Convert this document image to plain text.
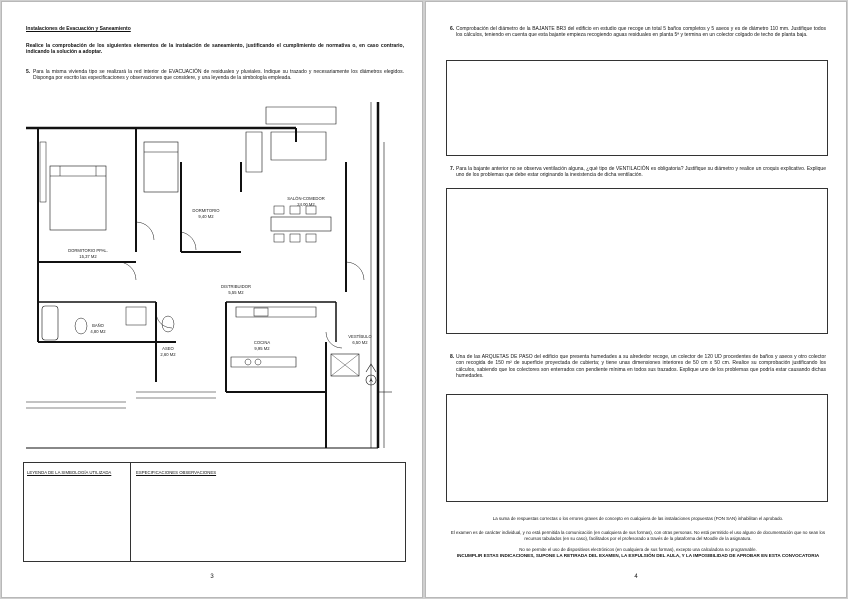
Instalaciones de Evacuación y Saneamiento
Realice la comprobación de los siguientes elementos de la instalación de saneamiento, justificando el cumplimiento de normativa o, en caso contrario, indicando la solución a adoptar.
5. Para la misma vivienda tipo se realizará la red interior de EVACUACIÓN de residuales y pluviales. Indique su trazado y necesariamente los diámetros elegidos. Disponga por escrito las especificaciones y observaciones que considere, y una leyenda de la simbología empleada.
DORMITORIO PPAL.
15,37 M2
DORMITORIO
9,40 M2
SALÓN-COMEDOR
24,00 M2
DISTRIBUIDOR
5,55 M2
BAÑO
4,80 M2
ASEO
2,60 M2
COCINA
9,95 M2
VESTÍBULO
6,50 M2
A
LEYENDA DE LA SIMBOLOGÍA UTILIZADA	ESPECIFICACIONES OBSERVACIONES
3
6. Comprobación del diámetro de la BAJANTE BR3 del edificio en estudio que recoge un total 5 baños completos y 5 aseos y es de diámetro 110 mm. Justifique todos los cálculos, teniendo en cuenta que esta bajante empieza recogiendo aguas residuales en planta 5ª y termina en un colector colgado de techo de planta baja.
7. Para la bajante anterior no se observa ventilación alguna, ¿qué tipo de VENTILACIÓN es obligatoria? Justifique su diámetro y realice un croquis explicativo. Explique uno de los problemas que debe estar originando la inexistencia de dicha ventilación.
8. Una de las ARQUETAS DE PASO del edificio que presenta humedades a su alrededor recoge, un colector de 120 UD procedentes de baños y aseos y otro colector con recogida de 150 m² de superficie proyectada de cubierta; y tiene unas dimensiones interiores de 50 cm x 50 cm. Realice su comprobación justificando los cálculos, sabiendo que los colectores son enterrados con pendiente mínima en todos sus trazados. Explique uno de los problemas que podría estar causando dichas humedades.
La suma de respuestas correctas o los errores graves de concepto en cualquiera de las instalaciones propuestas (FON SAN) inhabilitan el aprobado.
El examen es de carácter individual, y no está permitida la comunicación (en cualquiera de sus formas), con otras personas. No está permitido el uso alguno de documentación que no sean los recursos tabulados (en su caso), facilitados por el profesorado a través de la plataforma del Moodle de la asignatura.
No se permite el uso de dispositivos electrónicos (en cualquiera de sus formas), excepto una calculadora no programable.
INCUMPLIR ESTAS INDICACIONES, SUPONE LA RETIRADA DEL EXAMEN, LA EXPULSIÓN DEL AULA, Y LA IMPOSIBILIDAD DE APROBAR EN ESTA CONVOCATORIA
4
